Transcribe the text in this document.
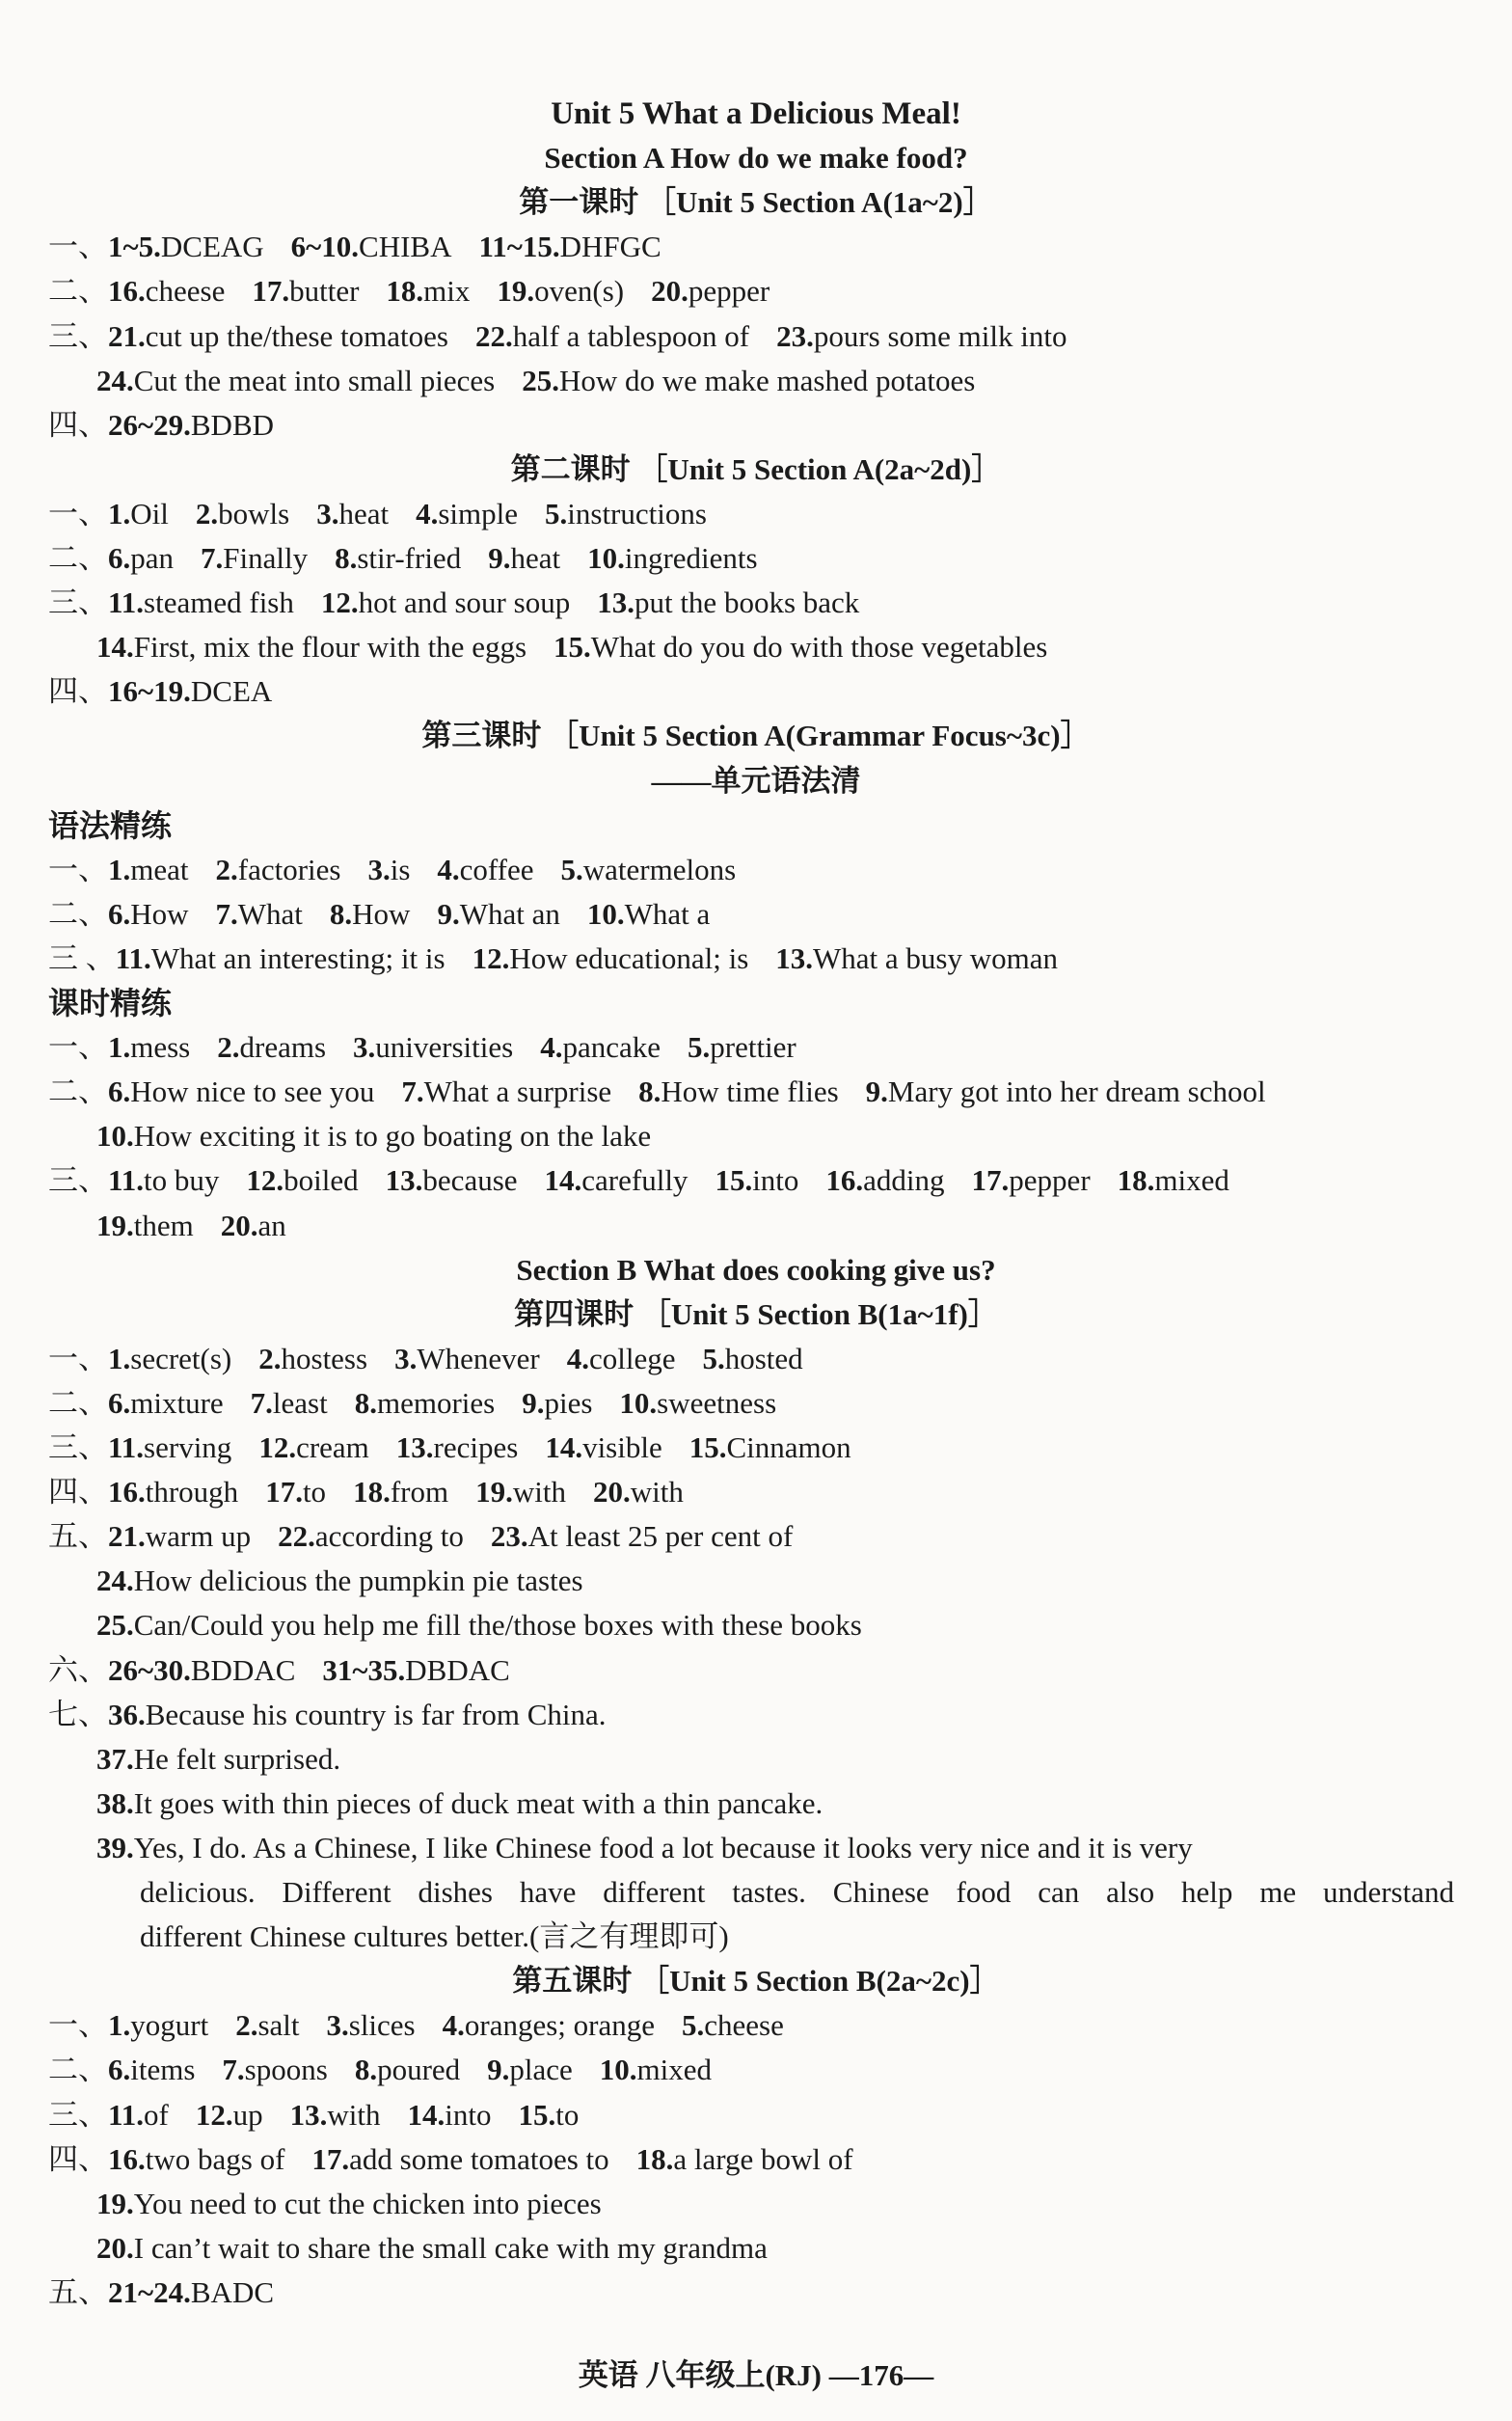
Unit 5 What a Delicious Meal!
Section A How do we make food?
第一课时 ［Unit 5 Section A(1a~2)］
一、1~5.DCEAG 6~10.CHIBA 11~15.DHFGC
二、16.cheese 17.butter 18.mix 19.oven(s) 20.pepper
三、21.cut up the/these tomatoes 22.half a tablespoon of 23.pours some milk into
24.Cut the meat into small pieces 25.How do we make mashed potatoes
四、26~29.BDBD
第二课时 ［Unit 5 Section A(2a~2d)］
一、1.Oil 2.bowls 3.heat 4.simple 5.instructions
二、6.pan 7.Finally 8.stir-fried 9.heat 10.ingredients
三、11.steamed fish 12.hot and sour soup 13.put the books back
14.First, mix the flour with the eggs 15.What do you do with those vegetables
四、16~19.DCEA
第三课时 ［Unit 5 Section A(Grammar Focus~3c)］
——单元语法清
语法精练
一、1.meat 2.factories 3.is 4.coffee 5.watermelons
二、6.How 7.What 8.How 9.What an 10.What a
三 、11.What an interesting; it is 12.How educational; is 13.What a busy woman
课时精练
一、1.mess 2.dreams 3.universities 4.pancake 5.prettier
二、6.How nice to see you 7.What a surprise 8.How time flies 9.Mary got into her dream school
10.How exciting it is to go boating on the lake
三、11.to buy 12.boiled 13.because 14.carefully 15.into 16.adding 17.pepper 18.mixed
19.them 20.an
Section B What does cooking give us?
第四课时 ［Unit 5 Section B(1a~1f)］
一、1.secret(s) 2.hostess 3.Whenever 4.college 5.hosted
二、6.mixture 7.least 8.memories 9.pies 10.sweetness
三、11.serving 12.cream 13.recipes 14.visible 15.Cinnamon
四、16.through 17.to 18.from 19.with 20.with
五、21.warm up 22.according to 23.At least 25 per cent of
24.How delicious the pumpkin pie tastes
25.Can/Could you help me fill the/those boxes with these books
六、26~30.BDDAC 31~35.DBDAC
七、36.Because his country is far from China.
37.He felt surprised.
38.It goes with thin pieces of duck meat with a thin pancake.
39.Yes, I do. As a Chinese, I like Chinese food a lot because it looks very nice and it is very
delicious. Different dishes have different tastes. Chinese food can also help me understand
different Chinese cultures better.(言之有理即可)
第五课时 ［Unit 5 Section B(2a~2c)］
一、1.yogurt 2.salt 3.slices 4.oranges; orange 5.cheese
二、6.items 7.spoons 8.poured 9.place 10.mixed
三、11.of 12.up 13.with 14.into 15.to
四、16.two bags of 17.add some tomatoes to 18.a large bowl of
19.You need to cut the chicken into pieces
20.I can’t wait to share the small cake with my grandma
五、21~24.BADC
英语 八年级上(RJ) —176—
